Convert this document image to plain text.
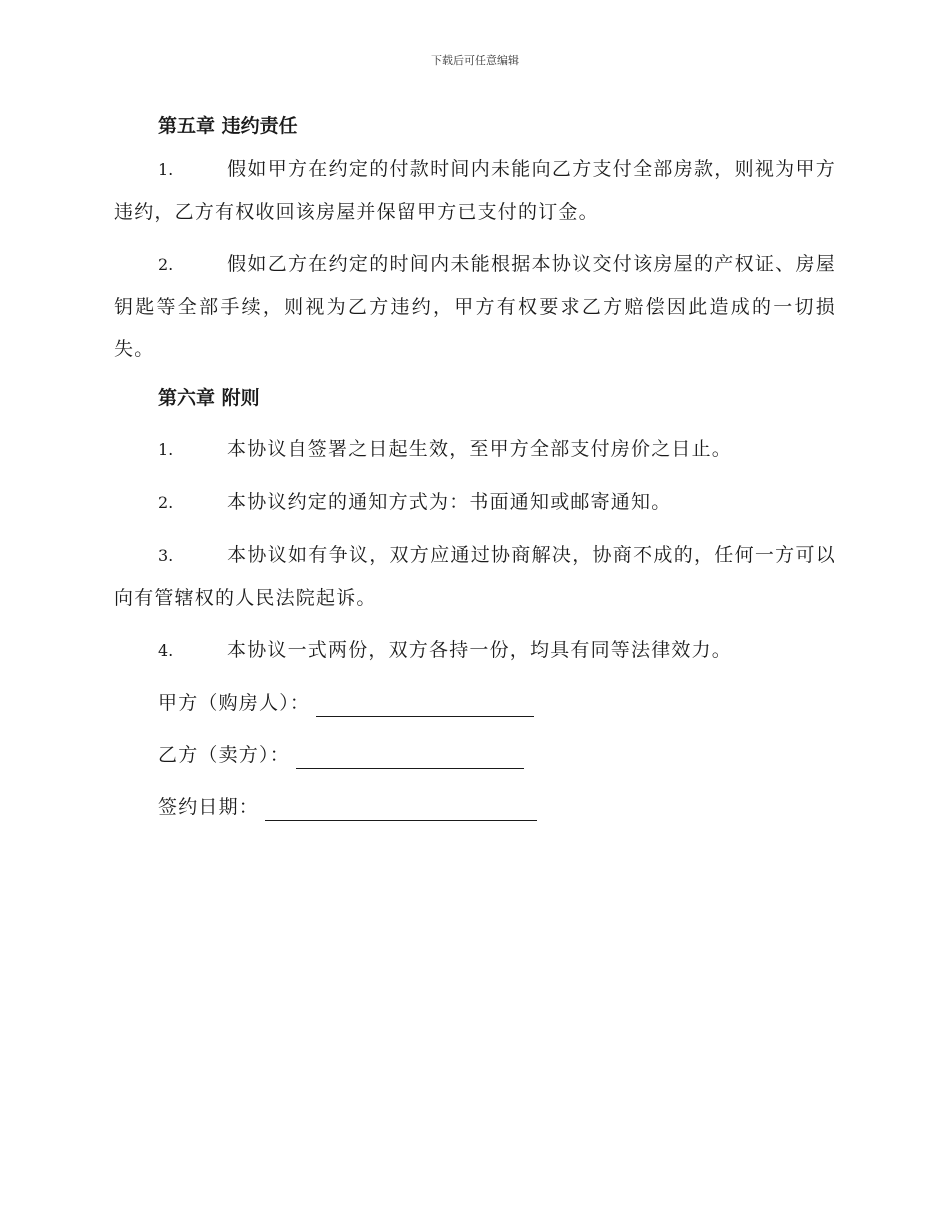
下载后可任意编辑
第五章 违约责任

1.	假如甲方在约定的付款时间内未能向乙方支付全部房款，则视为甲方违约，乙方有权收回该房屋并保留甲方已支付的订金。

2.	假如乙方在约定的时间内未能根据本协议交付该房屋的产权证、房屋钥匙等全部手续，则视为乙方违约，甲方有权要求乙方赔偿因此造成的一切损失。

第六章 附则

1.	本协议自签署之日起生效，至甲方全部支付房价之日止。

2.	本协议约定的通知方式为：书面通知或邮寄通知。

3.	本协议如有争议，双方应通过协商解决，协商不成的，任何一方可以向有管辖权的人民法院起诉。

4.	本协议一式两份，双方各持一份，均具有同等法律效力。

甲方（购房人）：
乙方（卖方）：
签约日期：
